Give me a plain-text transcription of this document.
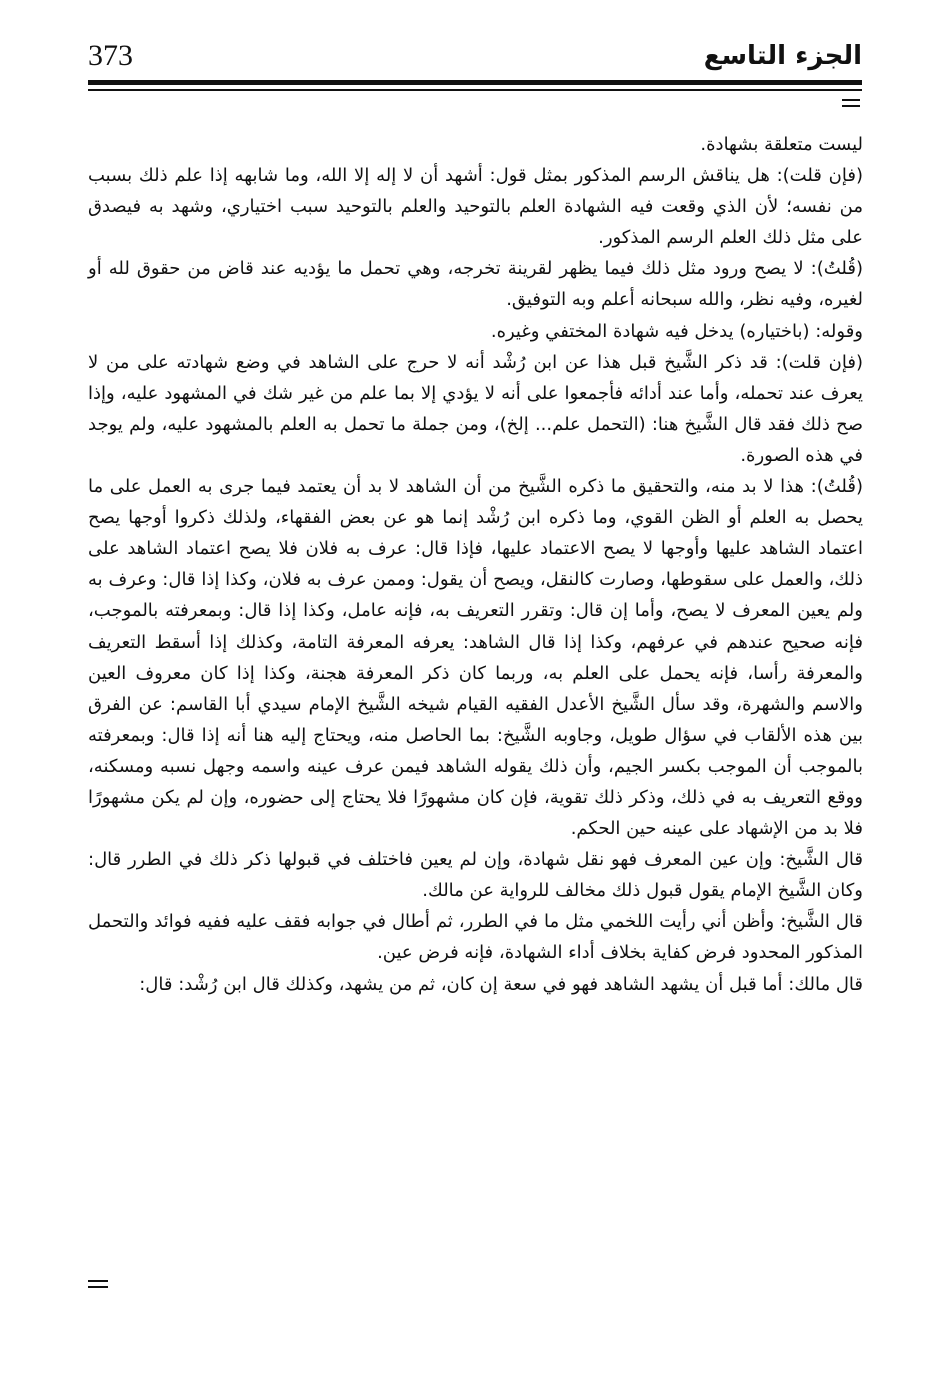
373	الجزء التاسع

ليست متعلقة بشهادة.

(فإن قلت): هل يناقش الرسم المذكور بمثل قول: أشهد أن لا إله إلا الله، وما شابهه إذا علم ذلك بسبب من نفسه؛ لأن الذي وقعت فيه الشهادة العلم بالتوحيد والعلم بالتوحيد سبب اختياري، وشهد به فيصدق على مثل ذلك العلم الرسم المذكور.

(قُلتُ): لا يصح ورود مثل ذلك فيما يظهر لقرينة تخرجه، وهي تحمل ما يؤديه عند قاض من حقوق لله أو لغيره، وفيه نظر، والله سبحانه أعلم وبه التوفيق.

وقوله: (باختياره) يدخل فيه شهادة المختفي وغيره.

(فإن قلت): قد ذكر الشَّيخ قبل هذا عن ابن رُشْد أنه لا حرج على الشاهد في وضع شهادته على من لا يعرف عند تحمله، وأما عند أدائه فأجمعوا على أنه لا يؤدي إلا بما علم من غير شك في المشهود عليه، وإذا صح ذلك فقد قال الشَّيخ هنا: (التحمل علم... إلخ)، ومن جملة ما تحمل به العلم بالمشهود عليه، ولم يوجد في هذه الصورة.

(قُلتُ): هذا لا بد منه، والتحقيق ما ذكره الشَّيخ من أن الشاهد لا بد أن يعتمد فيما جرى به العمل على ما يحصل به العلم أو الظن القوي، وما ذكره ابن رُشْد إنما هو عن بعض الفقهاء، ولذلك ذكروا أوجها يصح اعتماد الشاهد عليها وأوجها لا يصح الاعتماد عليها، فإذا قال: عرف به فلان فلا يصح اعتماد الشاهد على ذلك، والعمل على سقوطها، وصارت كالنقل، ويصح أن يقول: وممن عرف به فلان، وكذا إذا قال: وعرف به ولم يعين المعرف لا يصح، وأما إن قال: وتقرر التعريف به، فإنه عامل، وكذا إذا قال: وبمعرفته بالموجب، فإنه صحيح عندهم في عرفهم، وكذا إذا قال الشاهد: يعرفه المعرفة التامة، وكذلك إذا أسقط التعريف والمعرفة رأسا، فإنه يحمل على العلم به، وربما كان ذكر المعرفة هجنة، وكذا إذا كان معروف العين والاسم والشهرة، وقد سأل الشَّيخ الأعدل الفقيه القيام شيخه الشَّيخ الإمام سيدي أبا القاسم: عن الفرق بين هذه الألقاب في سؤال طويل، وجاوبه الشَّيخ: بما الحاصل منه، ويحتاج إليه هنا أنه إذا قال: وبمعرفته بالموجب أن الموجب بكسر الجيم، وأن ذلك يقوله الشاهد فيمن عرف عينه واسمه وجهل نسبه ومسكنه، ووقع التعريف به في ذلك، وذكر ذلك تقوية، فإن كان مشهورًا فلا يحتاج إلى حضوره، وإن لم يكن مشهورًا فلا بد من الإشهاد على عينه حين الحكم.

قال الشَّيخ: وإن عين المعرف فهو نقل شهادة، وإن لم يعين فاختلف في قبولها ذكر ذلك في الطرر قال: وكان الشَّيخ الإمام يقول قبول ذلك مخالف للرواية عن مالك.

قال الشَّيخ: وأظن أني رأيت اللخمي مثل ما في الطرر، ثم أطال في جوابه فقف عليه ففيه فوائد والتحمل المذكور المحدود فرض كفاية بخلاف أداء الشهادة، فإنه فرض عين.

قال مالك: أما قبل أن يشهد الشاهد فهو في سعة إن كان، ثم من يشهد، وكذلك قال ابن رُشْد: قال:
